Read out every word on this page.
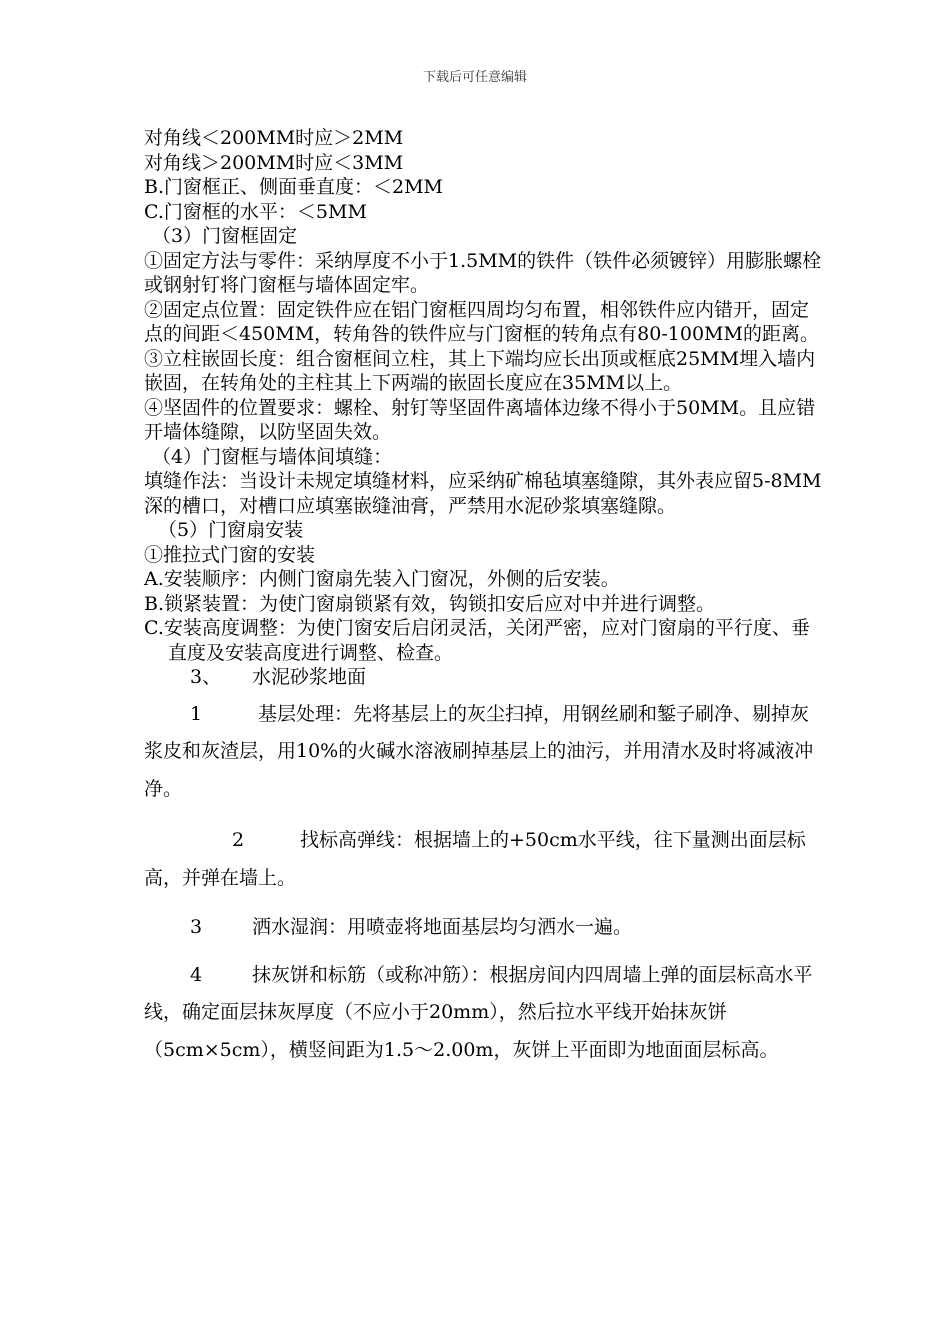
下载后可任意编辑

对角线＜200MM时应＞2MM

对角线＞200MM时应＜3MM

B.门窗框正、侧面垂直度：＜2MM

C.门窗框的水平：＜5MM

（3）门窗框固定

①固定方法与零件：采纳厚度不小于1.5MM的铁件（铁件必须镀锌）用膨胀螺栓或钢射钉将门窗框与墙体固定牢。

②固定点位置：固定铁件应在铝门窗框四周均匀布置，相邻铁件应内错开，固定点的间距＜450MM，转角咎的铁件应与门窗框的转角点有80-100MM的距离。

③立柱嵌固长度：组合窗框间立柱，其上下端均应长出顶或框底25MM埋入墙内嵌固，在转角处的主柱其上下两端的嵌固长度应在35MM以上。

④坚固件的位置要求：螺栓、射钉等坚固件离墙体边缘不得小于50MM。且应错开墙体缝隙，以防坚固失效。

（4）门窗框与墙体间填缝：

填缝作法：当设计未规定填缝材料，应采纳矿棉毡填塞缝隙，其外表应留5-8MM深的槽口，对槽口应填塞嵌缝油膏，严禁用水泥砂浆填塞缝隙。

（5）门窗扇安装

①推拉式门窗的安装

A.安装顺序：内侧门窗扇先装入门窗况，外侧的后安装。

B.锁紧装置：为使门窗扇锁紧有效，钩锁扣安后应对中并进行调整。

C.安装高度调整：为使门窗安后启闭灵活，关闭严密，应对门窗扇的平行度、垂直度及安装高度进行调整、检查。

3、 水泥砂浆地面

1	基层处理：先将基层上的灰尘扫掉，用钢丝刷和錾子刷净、剔掉灰浆皮和灰渣层，用10%的火碱水溶液刷掉基层上的油污，并用清水及时将减液冲净。

2	找标高弹线：根据墙上的+50cm水平线，往下量测出面层标高，并弹在墙上。

3	洒水湿润：用喷壶将地面基层均匀洒水一遍。

4	抹灰饼和标筋（或称冲筋）：根据房间内四周墙上弹的面层标高水平线，确定面层抹灰厚度（不应小于20mm），然后拉水平线开始抹灰饼（5cm×5cm），横竖间距为1.5～2.00m，灰饼上平面即为地面面层标高。
